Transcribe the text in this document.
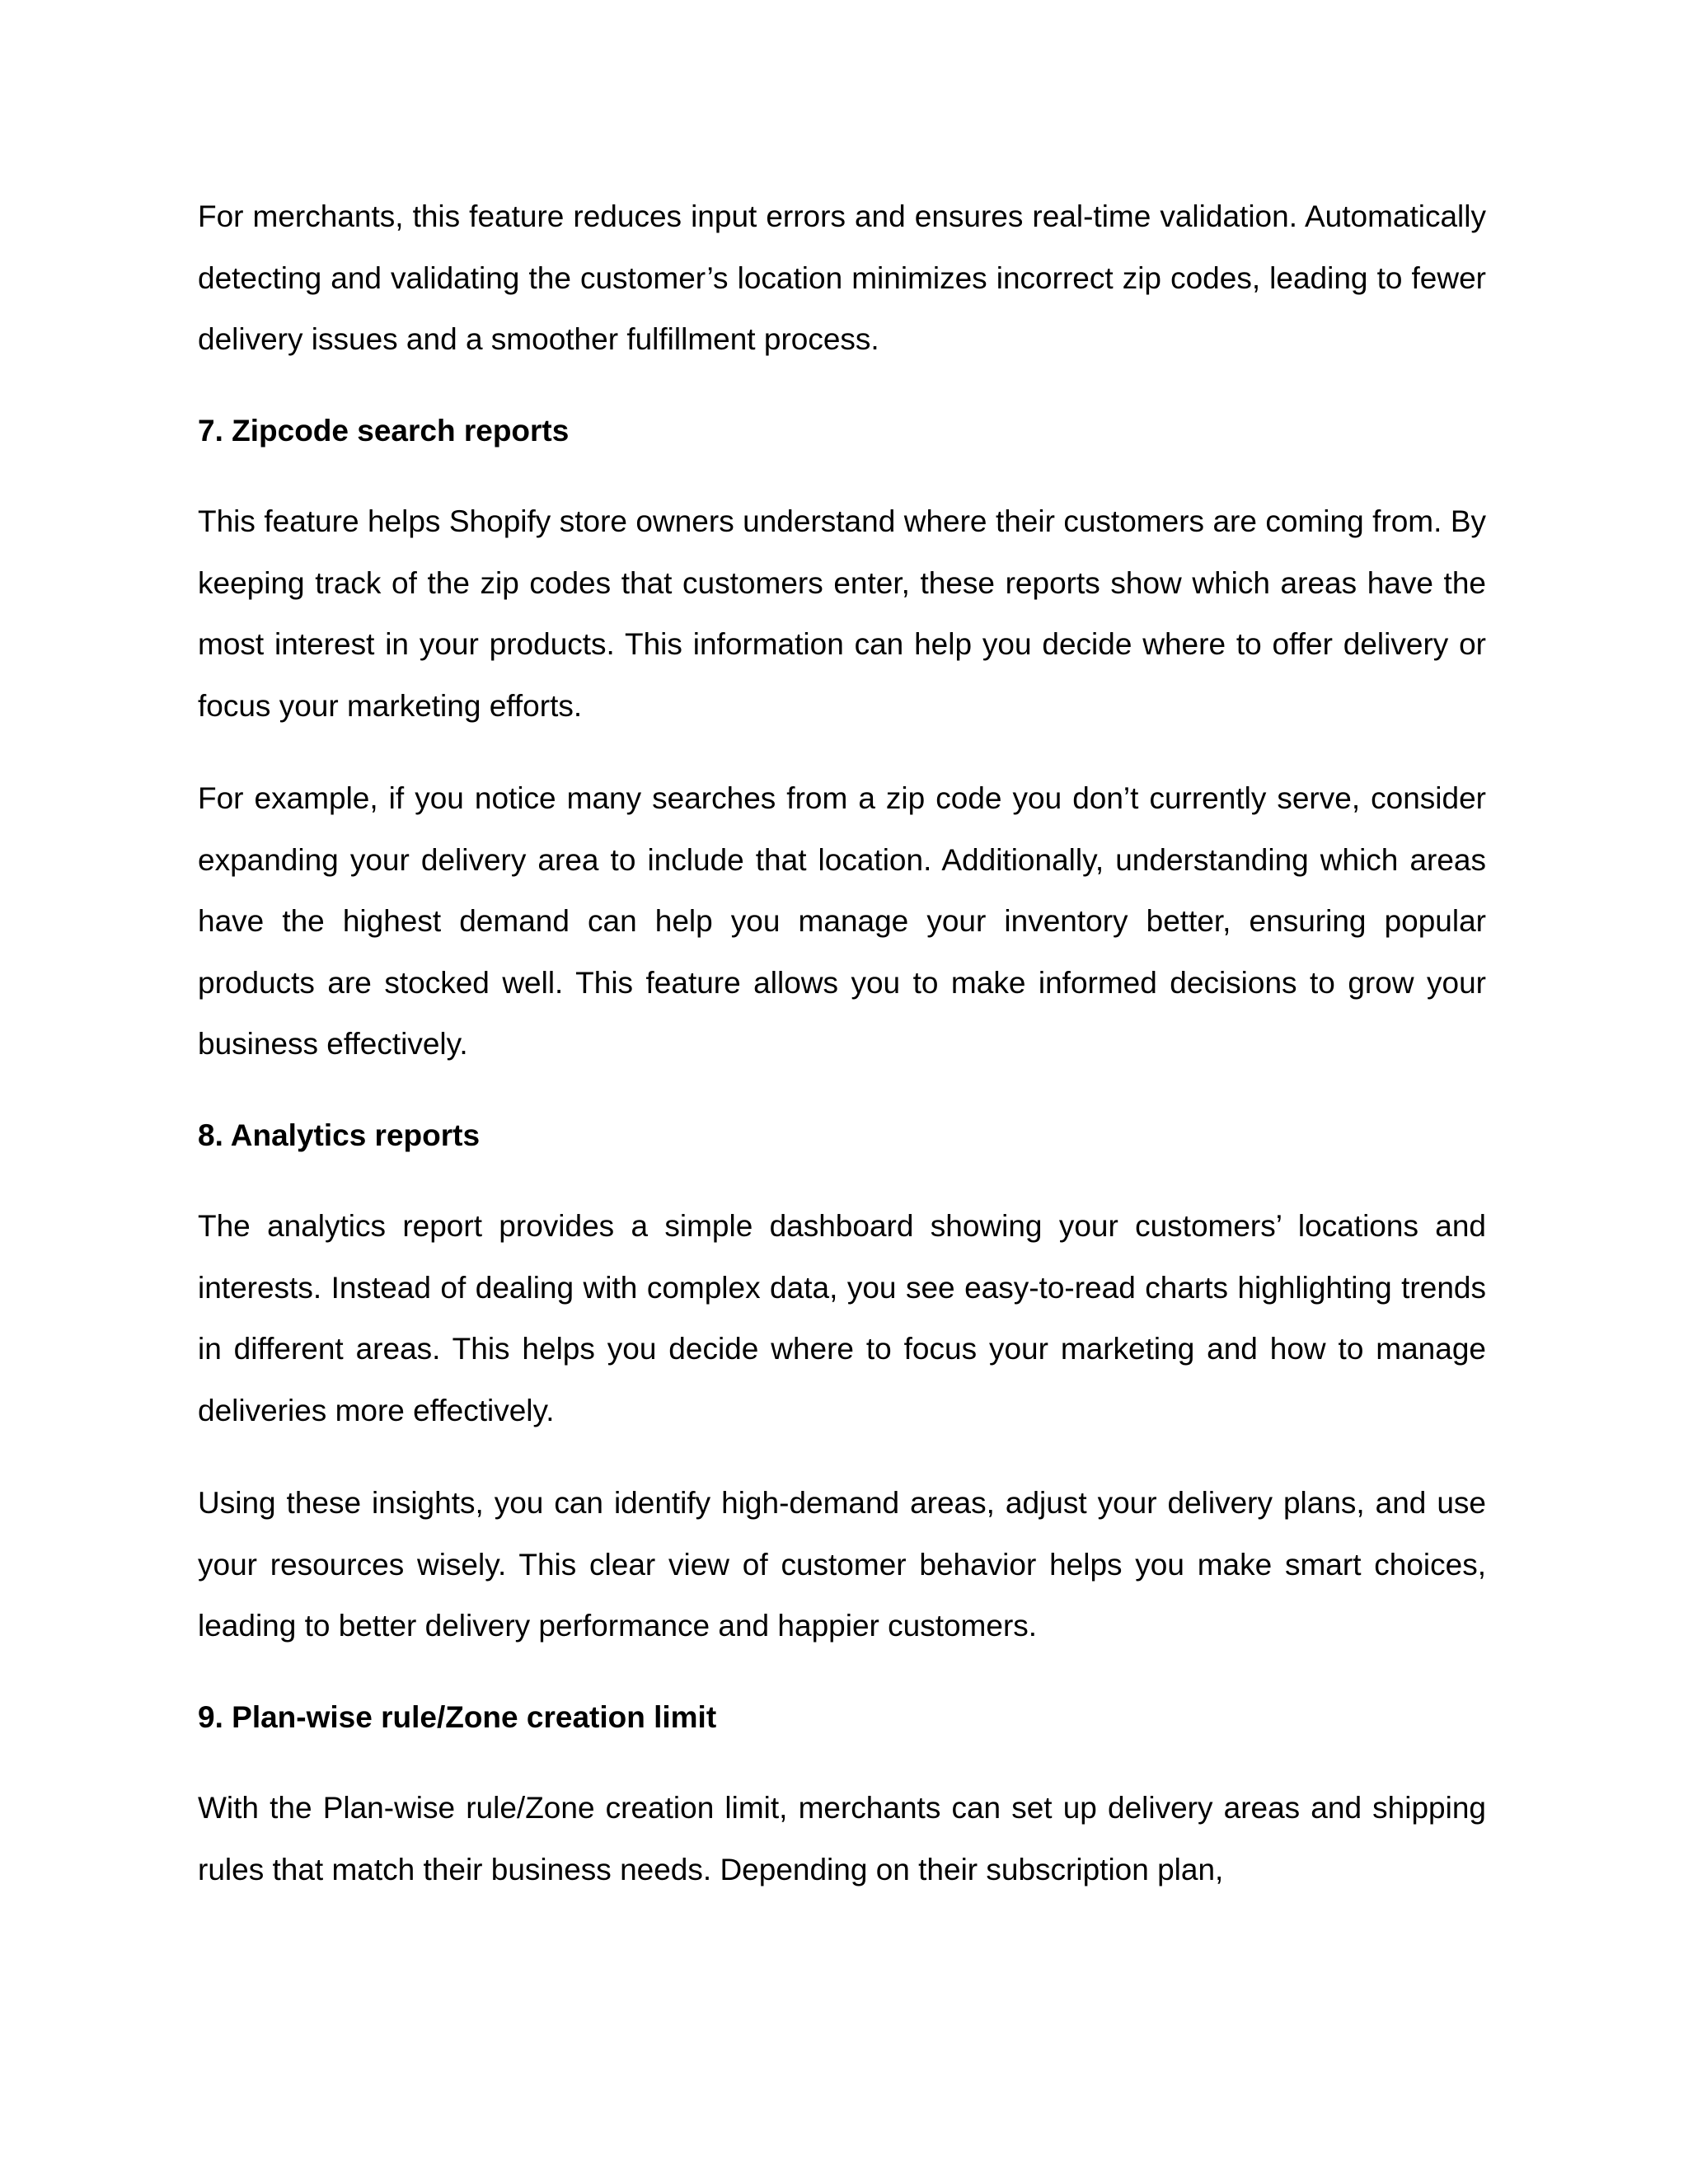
For merchants, this feature reduces input errors and ensures real-time validation. Automatically detecting and validating the customer’s location minimizes incorrect zip codes, leading to fewer delivery issues and a smoother fulfillment process.

7. Zipcode search reports

This feature helps Shopify store owners understand where their customers are coming from. By keeping track of the zip codes that customers enter, these reports show which areas have the most interest in your products. This information can help you decide where to offer delivery or focus your marketing efforts.

For example, if you notice many searches from a zip code you don’t currently serve, consider expanding your delivery area to include that location. Additionally, understanding which areas have the highest demand can help you manage your inventory better, ensuring popular products are stocked well. This feature allows you to make informed decisions to grow your business effectively.

8. Analytics reports

The analytics report provides a simple dashboard showing your customers’ locations and interests. Instead of dealing with complex data, you see easy-to-read charts highlighting trends in different areas. This helps you decide where to focus your marketing and how to manage deliveries more effectively.

Using these insights, you can identify high-demand areas, adjust your delivery plans, and use your resources wisely. This clear view of customer behavior helps you make smart choices, leading to better delivery performance and happier customers.

9. Plan-wise rule/Zone creation limit

With the Plan-wise rule/Zone creation limit, merchants can set up delivery areas and shipping rules that match their business needs. Depending on their subscription plan,
